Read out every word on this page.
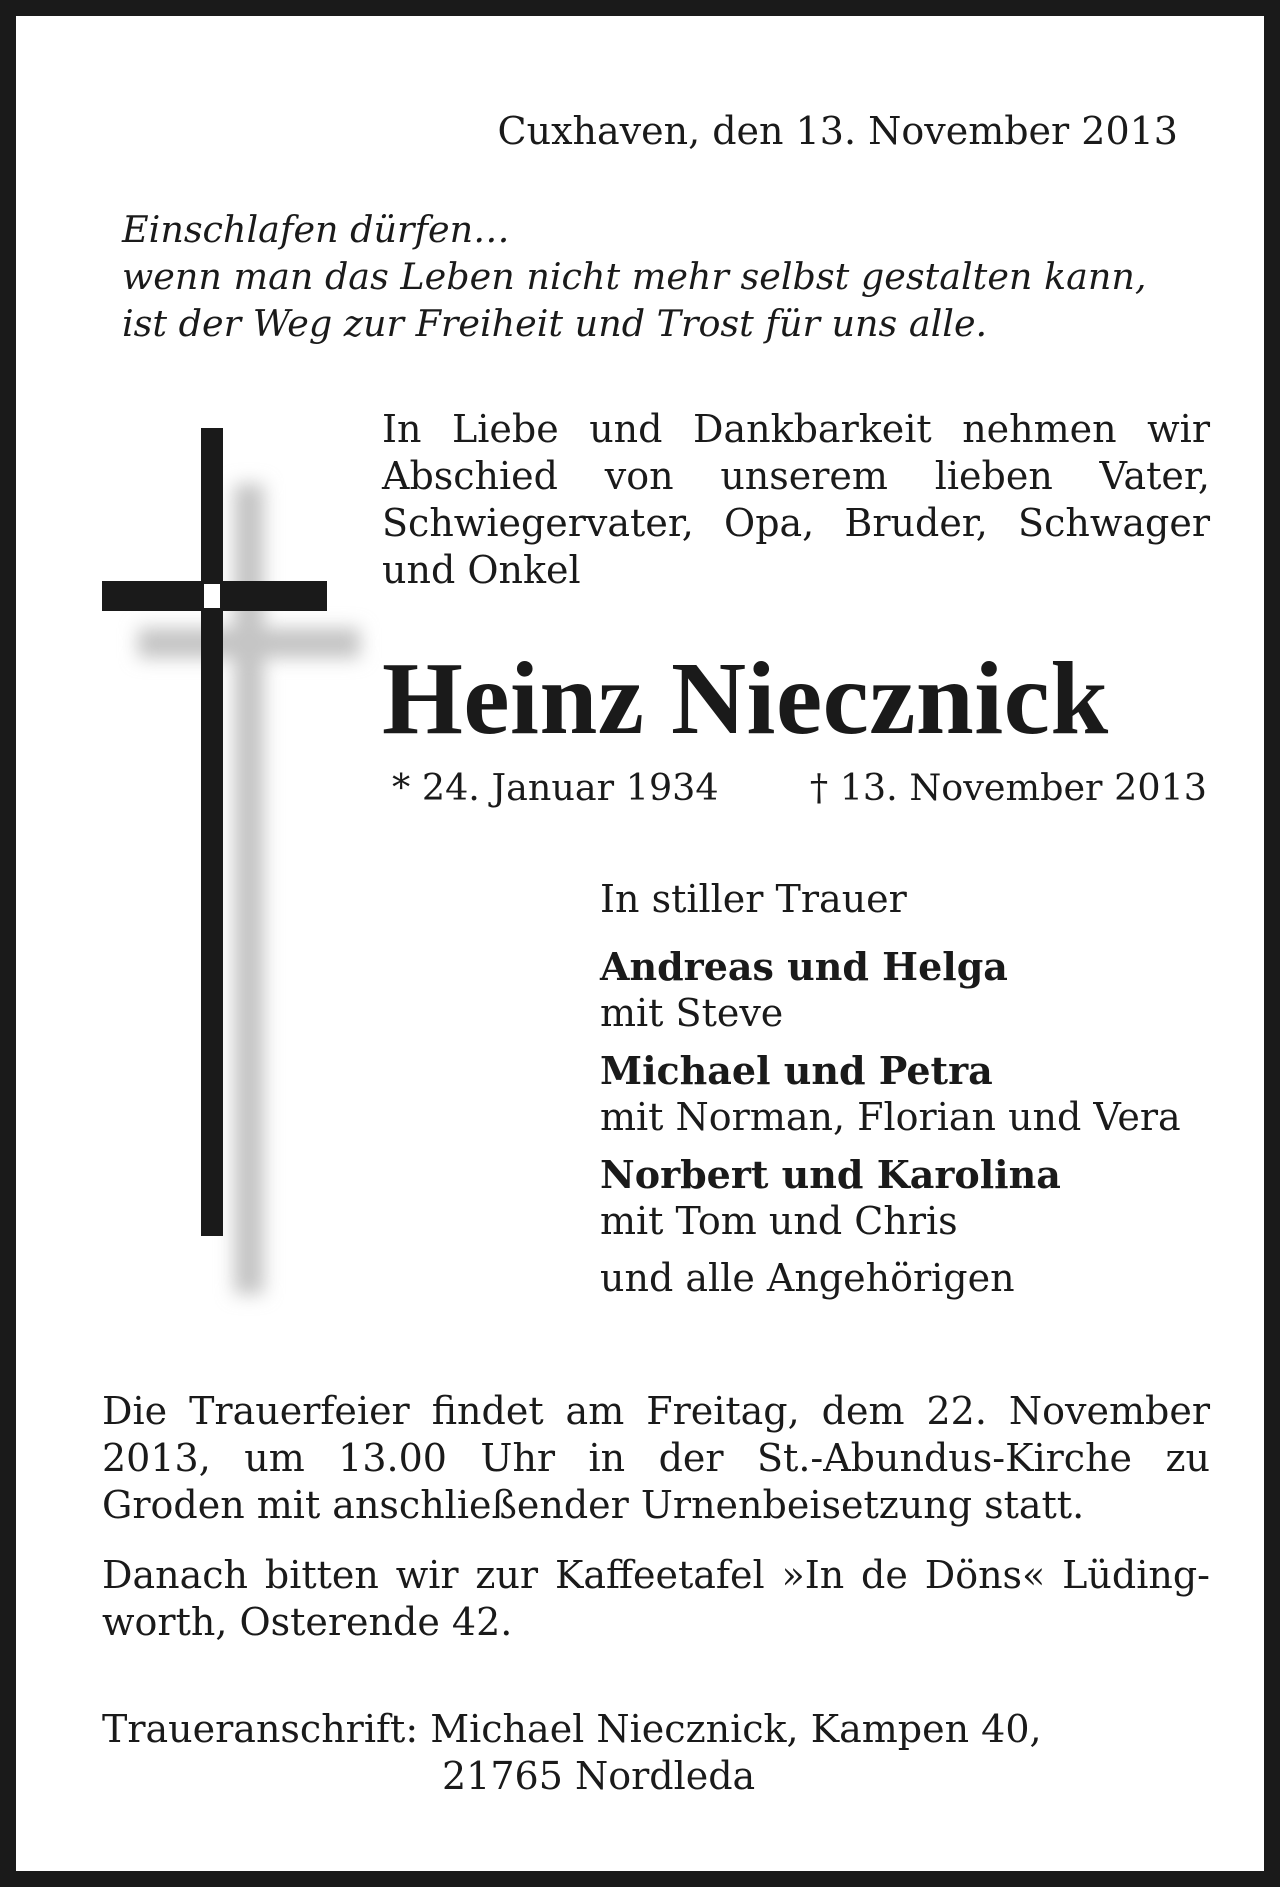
Cuxhaven, den 13. November 2013

Einschlafen dürfen…
wenn man das Leben nicht mehr selbst gestalten kann,
ist der Weg zur Freiheit und Trost für uns alle.
In Liebe und Dankbarkeit nehmen wir
Abschied von unserem lieben Vater,
Schwiegervater, Opa, Bruder, Schwager
und Onkel
Heinz Niecznick
* 24. Januar 1934 † 13. November 2013
In stiller Trauer
Andreas und Helga
mit Steve
Michael und Petra
mit Norman, Florian und Vera
Norbert und Karolina
mit Tom und Chris
und alle Angehörigen
Die Trauerfeier findet am Freitag, dem 22. November
2013, um 13.00 Uhr in der St.-Abundus-Kirche zu
Groden mit anschließender Urnenbeisetzung statt.
Danach bitten wir zur Kaffeetafel »In de Döns« Lüding-
worth, Osterende 42.
Traueranschrift: Michael Niecznick, Kampen 40,
21765 Nordleda
